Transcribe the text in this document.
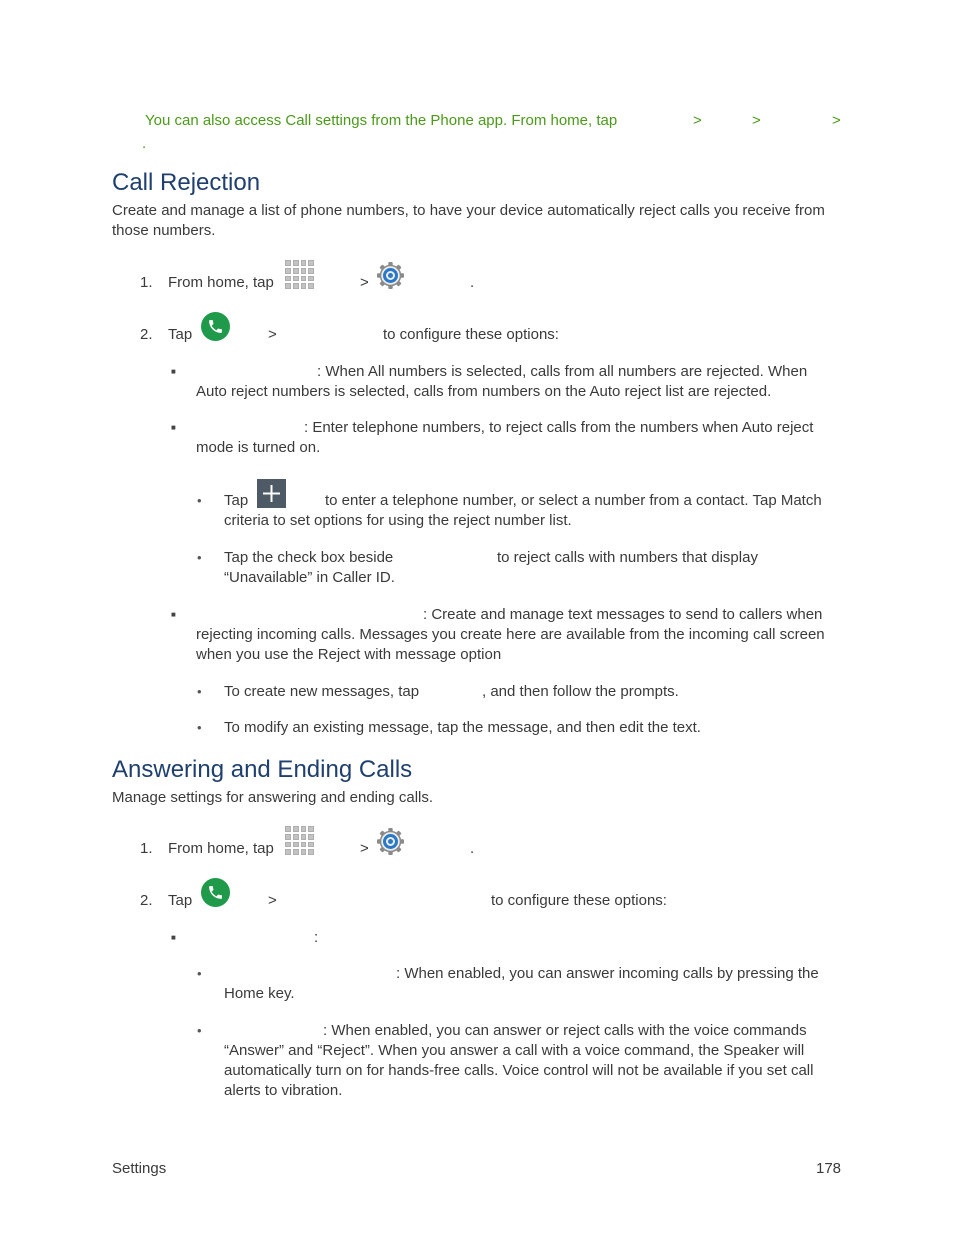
You can also access Call settings from the Phone app. From home, tap	>	>	>
.
Call Rejection
Create and manage a list of phone numbers, to have your device automatically reject calls you receive from those numbers.
1. From home, tap	>	.
2. Tap	>	to configure these options:
■	: When All numbers is selected, calls from all numbers are rejected. When Auto reject numbers is selected, calls from numbers on the Auto reject list are rejected.
■	: Enter telephone numbers, to reject calls from the numbers when Auto reject mode is turned on.
• Tap	to enter a telephone number, or select a number from a contact. Tap Match criteria to set options for using the reject number list.
• Tap the check box beside	to reject calls with numbers that display
“Unavailable” in Caller ID.
■	: Create and manage text messages to send to callers when rejecting incoming calls. Messages you create here are available from the incoming call screen when you use the Reject with message option
• To create new messages, tap	, and then follow the prompts.
• To modify an existing message, tap the message, and then edit the text.
Answering and Ending Calls
Manage settings for answering and ending calls.
1. From home, tap	>	.
2. Tap	>	to configure these options:
■	:
•	: When enabled, you can answer incoming calls by pressing the Home key.
•	: When enabled, you can answer or reject calls with the voice commands “Answer” and “Reject”. When you answer a call with a voice command, the Speaker will automatically turn on for hands-free calls. Voice control will not be available if you set call alerts to vibration.
Settings	178
